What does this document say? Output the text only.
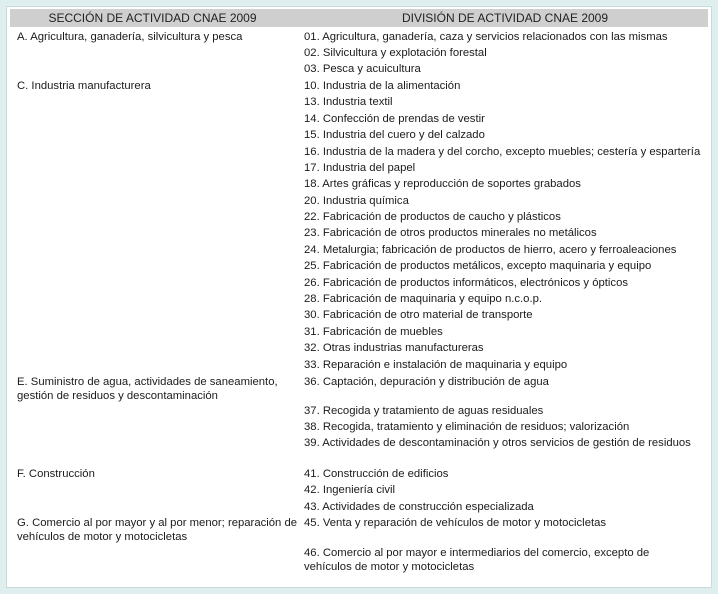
SECCIÓN DE ACTIVIDAD CNAE 2009	DIVISIÓN DE ACTIVIDAD CNAE 2009
A. Agricultura, ganadería, silvicultura y pesca
C. Industria manufacturera
E. Suministro de agua, actividades de saneamiento, gestión de residuos y descontaminación
F. Construcción
G. Comercio al por mayor y al por menor; reparación de vehículos de motor y motocicletas
01. Agricultura, ganadería, caza y servicios relacionados con las mismas
02. Silvicultura y explotación forestal
03. Pesca y acuicultura
10. Industria de la alimentación
13. Industria textil
14. Confección de prendas de vestir
15. Industria del cuero y del calzado
16. Industria de la madera y del corcho, excepto muebles; cestería y espartería
17. Industria del papel
18. Artes gráficas y reproducción de soportes grabados
20. Industria química
22. Fabricación de productos de caucho y plásticos
23. Fabricación de otros productos minerales no metálicos
24. Metalurgia; fabricación de productos de hierro, acero y ferroaleaciones
25. Fabricación de productos metálicos, excepto maquinaria y equipo
26. Fabricación de productos informáticos, electrónicos y ópticos
28. Fabricación de maquinaria y equipo n.c.o.p.
30. Fabricación de otro material de transporte
31. Fabricación de muebles
32. Otras industrias manufactureras
33. Reparación e instalación de maquinaria y equipo
36. Captación, depuración y distribución de agua
37. Recogida y tratamiento de aguas residuales
38. Recogida, tratamiento y eliminación de residuos; valorización
39. Actividades de descontaminación y otros servicios de gestión de residuos
41. Construcción de edificios
42. Ingeniería civil
43. Actividades de construcción especializada
45. Venta y reparación de vehículos de motor y motocicletas
46. Comercio al por mayor e intermediarios del comercio, excepto de vehículos de motor y motocicletas
